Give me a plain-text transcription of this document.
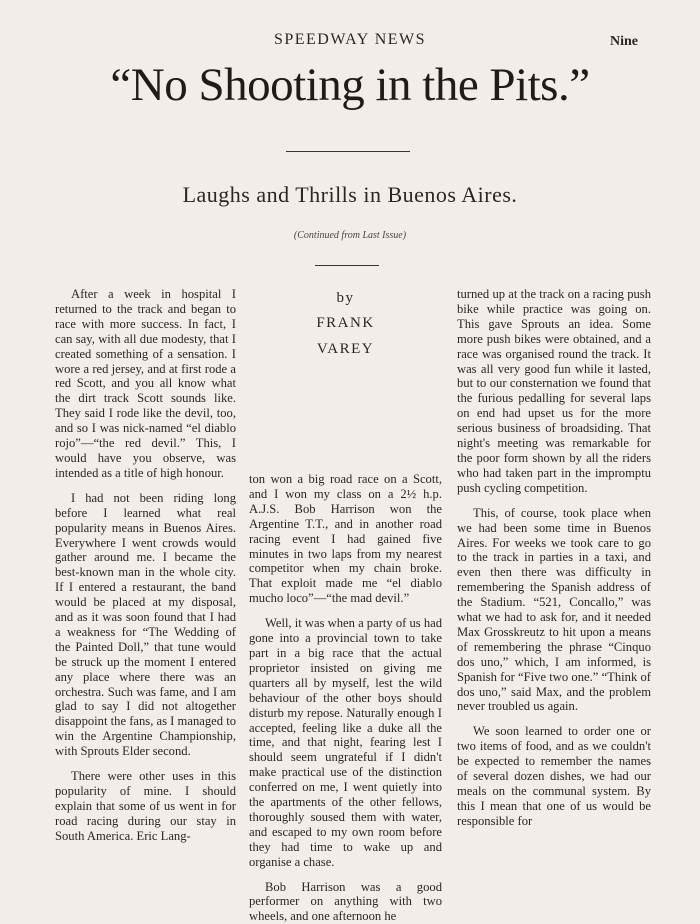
SPEEDWAY NEWS	Nine
“No Shooting in the Pits.”
Laughs and Thrills in Buenos Aires.
(Continued from Last Issue)

After a week in hospital I returned to the track and began to race with more success. In fact, I can say, with all due modesty, that I created something of a sensation. I wore a red jersey, and at first rode a red Scott, and you all know what the dirt track Scott sounds like. They said I rode like the devil, too, and so I was nick-named “el diablo rojo”—“the red devil.” This, I would have you observe, was intended as a title of high honour.

I had not been riding long before I learned what real popularity means in Buenos Aires. Everywhere I went crowds would gather around me. I became the best-known man in the whole city. If I entered a restaurant, the band would be placed at my disposal, and as it was soon found that I had a weakness for “The Wedding of the Painted Doll,” that tune would be struck up the moment I entered any place where there was an orchestra. Such was fame, and I am glad to say I did not altogether disappoint the fans, as I managed to win the Argentine Championship, with Sprouts Elder second.

There were other uses in this popularity of mine. I should explain that some of us went in for road racing during our stay in South America. Eric Lang-

by
FRANK
VAREY

ton won a big road race on a Scott, and I won my class on a 2½ h.p. A.J.S. Bob Harrison won the Argentine T.T., and in another road racing event I had gained five minutes in two laps from my nearest competitor when my chain broke. That exploit made me “el diablo mucho loco”—“the mad devil.”

Well, it was when a party of us had gone into a provincial town to take part in a big race that the actual proprietor insisted on giving me quarters all by myself, lest the wild behaviour of the other boys should disturb my repose. Naturally enough I accepted, feeling like a duke all the time, and that night, fearing lest I should seem ungrateful if I didn't make practical use of the distinction conferred on me, I went quietly into the apartments of the other fellows, thoroughly soused them with water, and escaped to my own room before they had time to wake up and organise a chase.

Bob Harrison was a good performer on anything with two wheels, and one afternoon he

turned up at the track on a racing push bike while practice was going on. This gave Sprouts an idea. Some more push bikes were obtained, and a race was organised round the track. It was all very good fun while it lasted, but to our consternation we found that the furious pedalling for several laps on end had upset us for the more serious business of broadsiding. That night's meeting was remarkable for the poor form shown by all the riders who had taken part in the impromptu push cycling competition.

This, of course, took place when we had been some time in Buenos Aires. For weeks we took care to go to the track in parties in a taxi, and even then there was difficulty in remembering the Spanish address of the Stadium. “521, Concallo,” was what we had to ask for, and it needed Max Grosskreutz to hit upon a means of remembering the phrase “Cinquo dos uno,” which, I am informed, is Spanish for “Five two one.” “Think of dos uno,” said Max, and the problem never troubled us again.

We soon learned to order one or two items of food, and as we couldn't be expected to remember the names of several dozen dishes, we had our meals on the communal system. By this I mean that one of us would be responsible for
